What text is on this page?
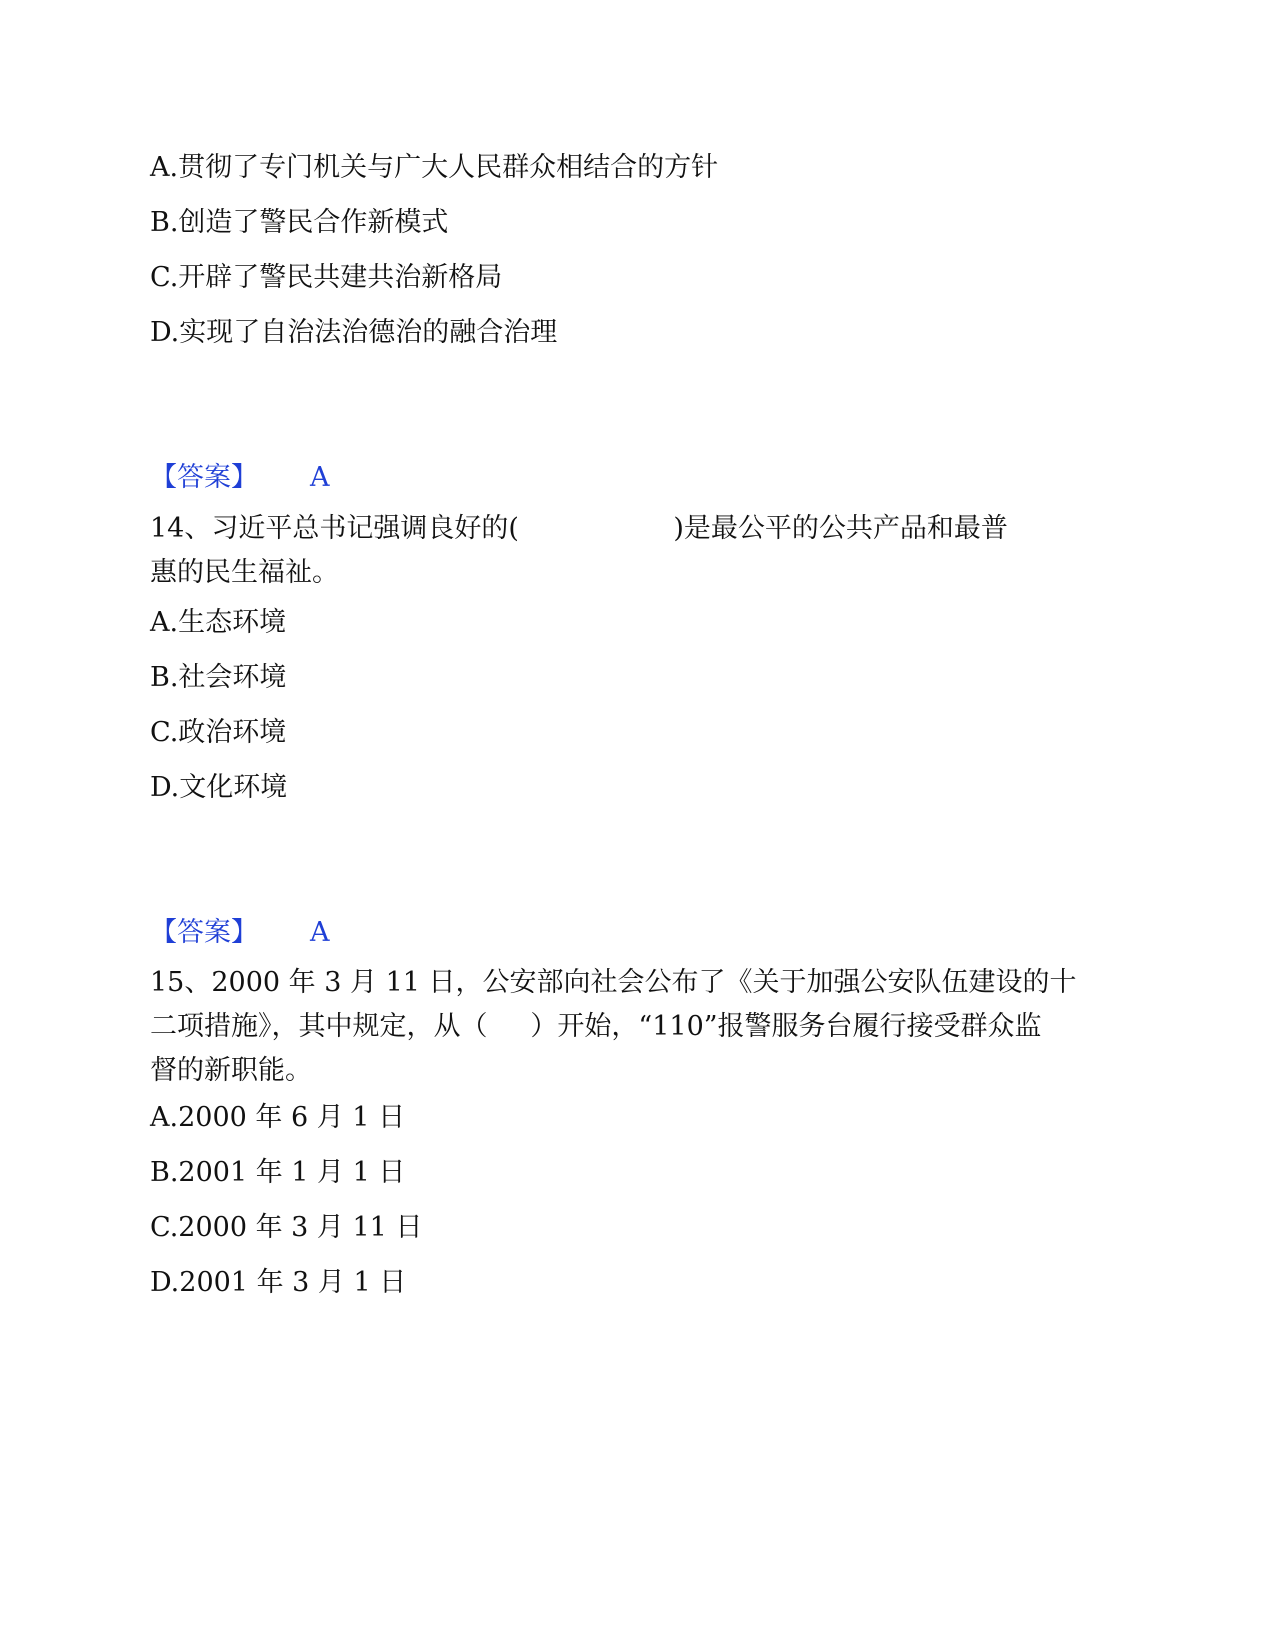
A.贯彻了专门机关与广大人民群众相结合的方针
B.创造了警民合作新模式
C.开辟了警民共建共治新格局
D.实现了自治法治德治的融合治理
【答案】 A
14、习近平总书记强调良好的(                  )是最公平的公共产品和最普
惠的民生福祉。
A.生态环境
B.社会环境
C.政治环境
D.文化环境
【答案】 A
15、2000 年 3 月 11 日，公安部向社会公布了《关于加强公安队伍建设的十
二项措施》，其中规定，从（     ）开始，“110”报警服务台履行接受群众监
督的新职能。
A.2000 年 6 月 1 日
B.2001 年 1 月 1 日
C.2000 年 3 月 11 日
D.2001 年 3 月 1 日
